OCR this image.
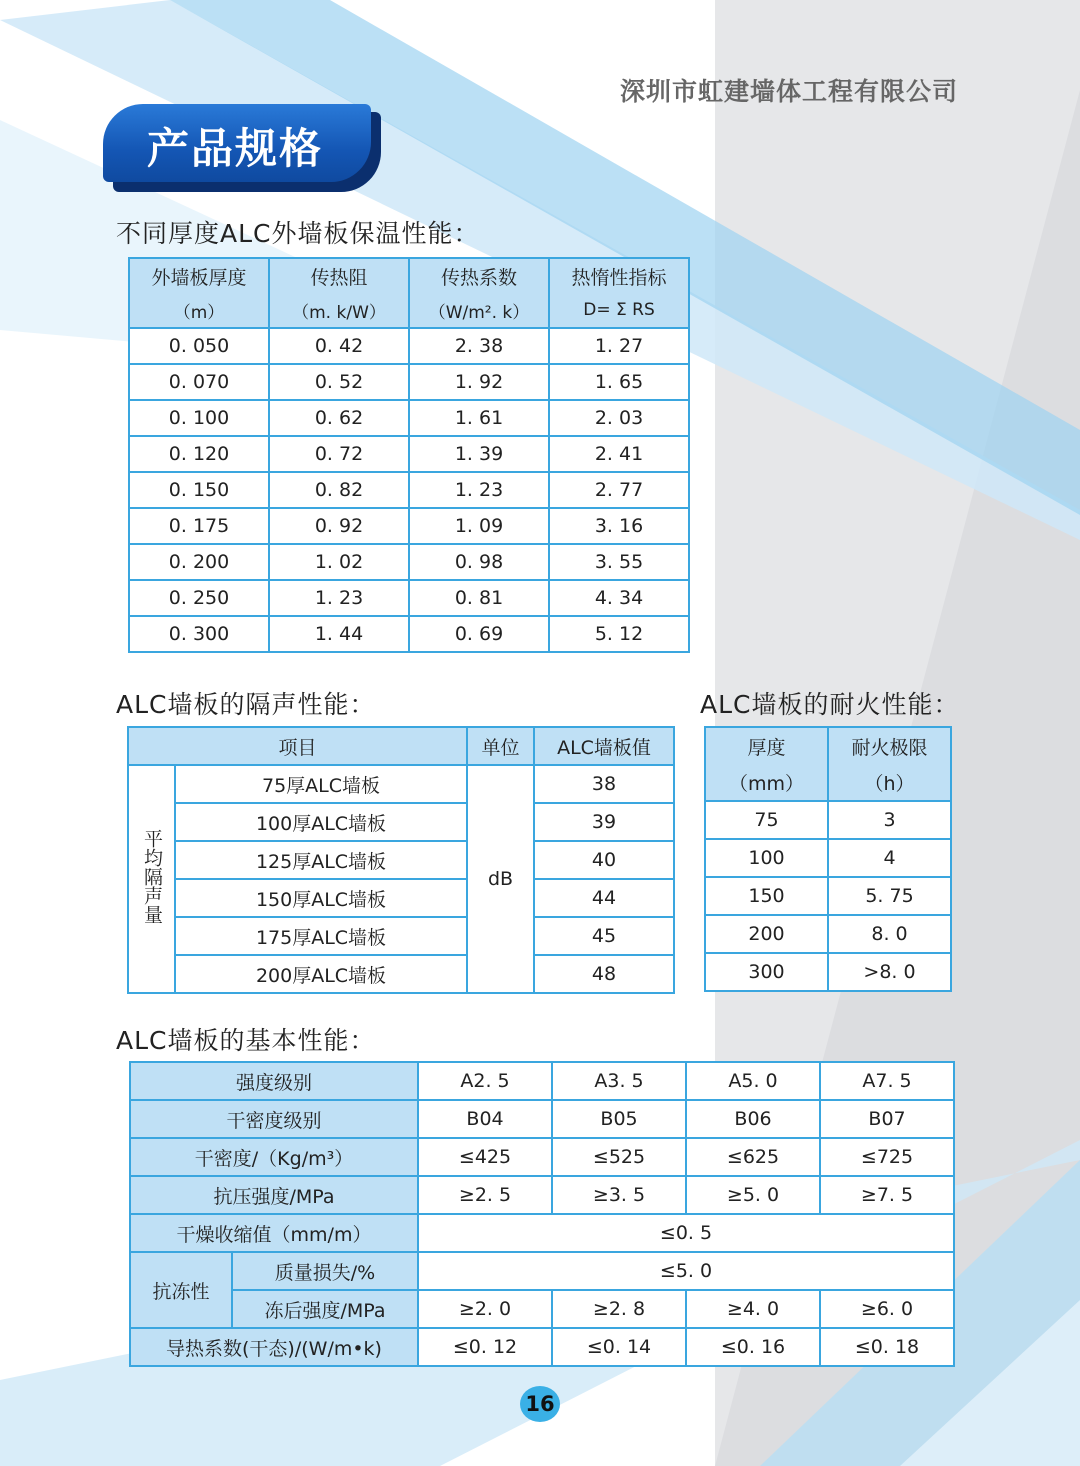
深圳市虹建墙体工程有限公司
产品规格
不同厚度ALC外墙板保温性能：
外墙板厚度	传热阻	传热系数	热惰性指标
（m）	（m. k/W）	（W/m². k）	D= Σ RS
0. 050	0. 42	2. 38	1. 27
0. 070	0. 52	1. 92	1. 65
0. 100	0. 62	1. 61	2. 03
0. 120	0. 72	1. 39	2. 41
0. 150	0. 82	1. 23	2. 77
0. 175	0. 92	1. 09	3. 16
0. 200	1. 02	0. 98	3. 55
0. 250	1. 23	0. 81	4. 34
0. 300	1. 44	0. 69	5. 12
ALC墙板的隔声性能：	ALC墙板的耐火性能：
项目		单位	ALC墙板值
平均隔声量	75厚ALC墙板	dB	38
	100厚ALC墙板		39
	125厚ALC墙板		40
	150厚ALC墙板		44
	175厚ALC墙板		45
	200厚ALC墙板		48
厚度	耐火极限
（mm）	（h）
75	3
100	4
150	5. 75
200	8. 0
300	>8. 0
ALC墙板的基本性能：
强度级别		A2. 5	A3. 5	A5. 0	A7. 5
干密度级别		B04	B05	B06	B07
干密度/（Kg/m³）		≤425	≤525	≤625	≤725
抗压强度/MPa		≥2. 5	≥3. 5	≥5. 0	≥7. 5
干燥收缩值（mm/m）		≤0. 5			
抗冻性	质量损失/%	≤5. 0			
	冻后强度/MPa	≥2. 0	≥2. 8	≥4. 0	≥6. 0
导热系数(干态)/(W/m•k)		≤0. 12	≤0. 14	≤0. 16	≤0. 18
16
